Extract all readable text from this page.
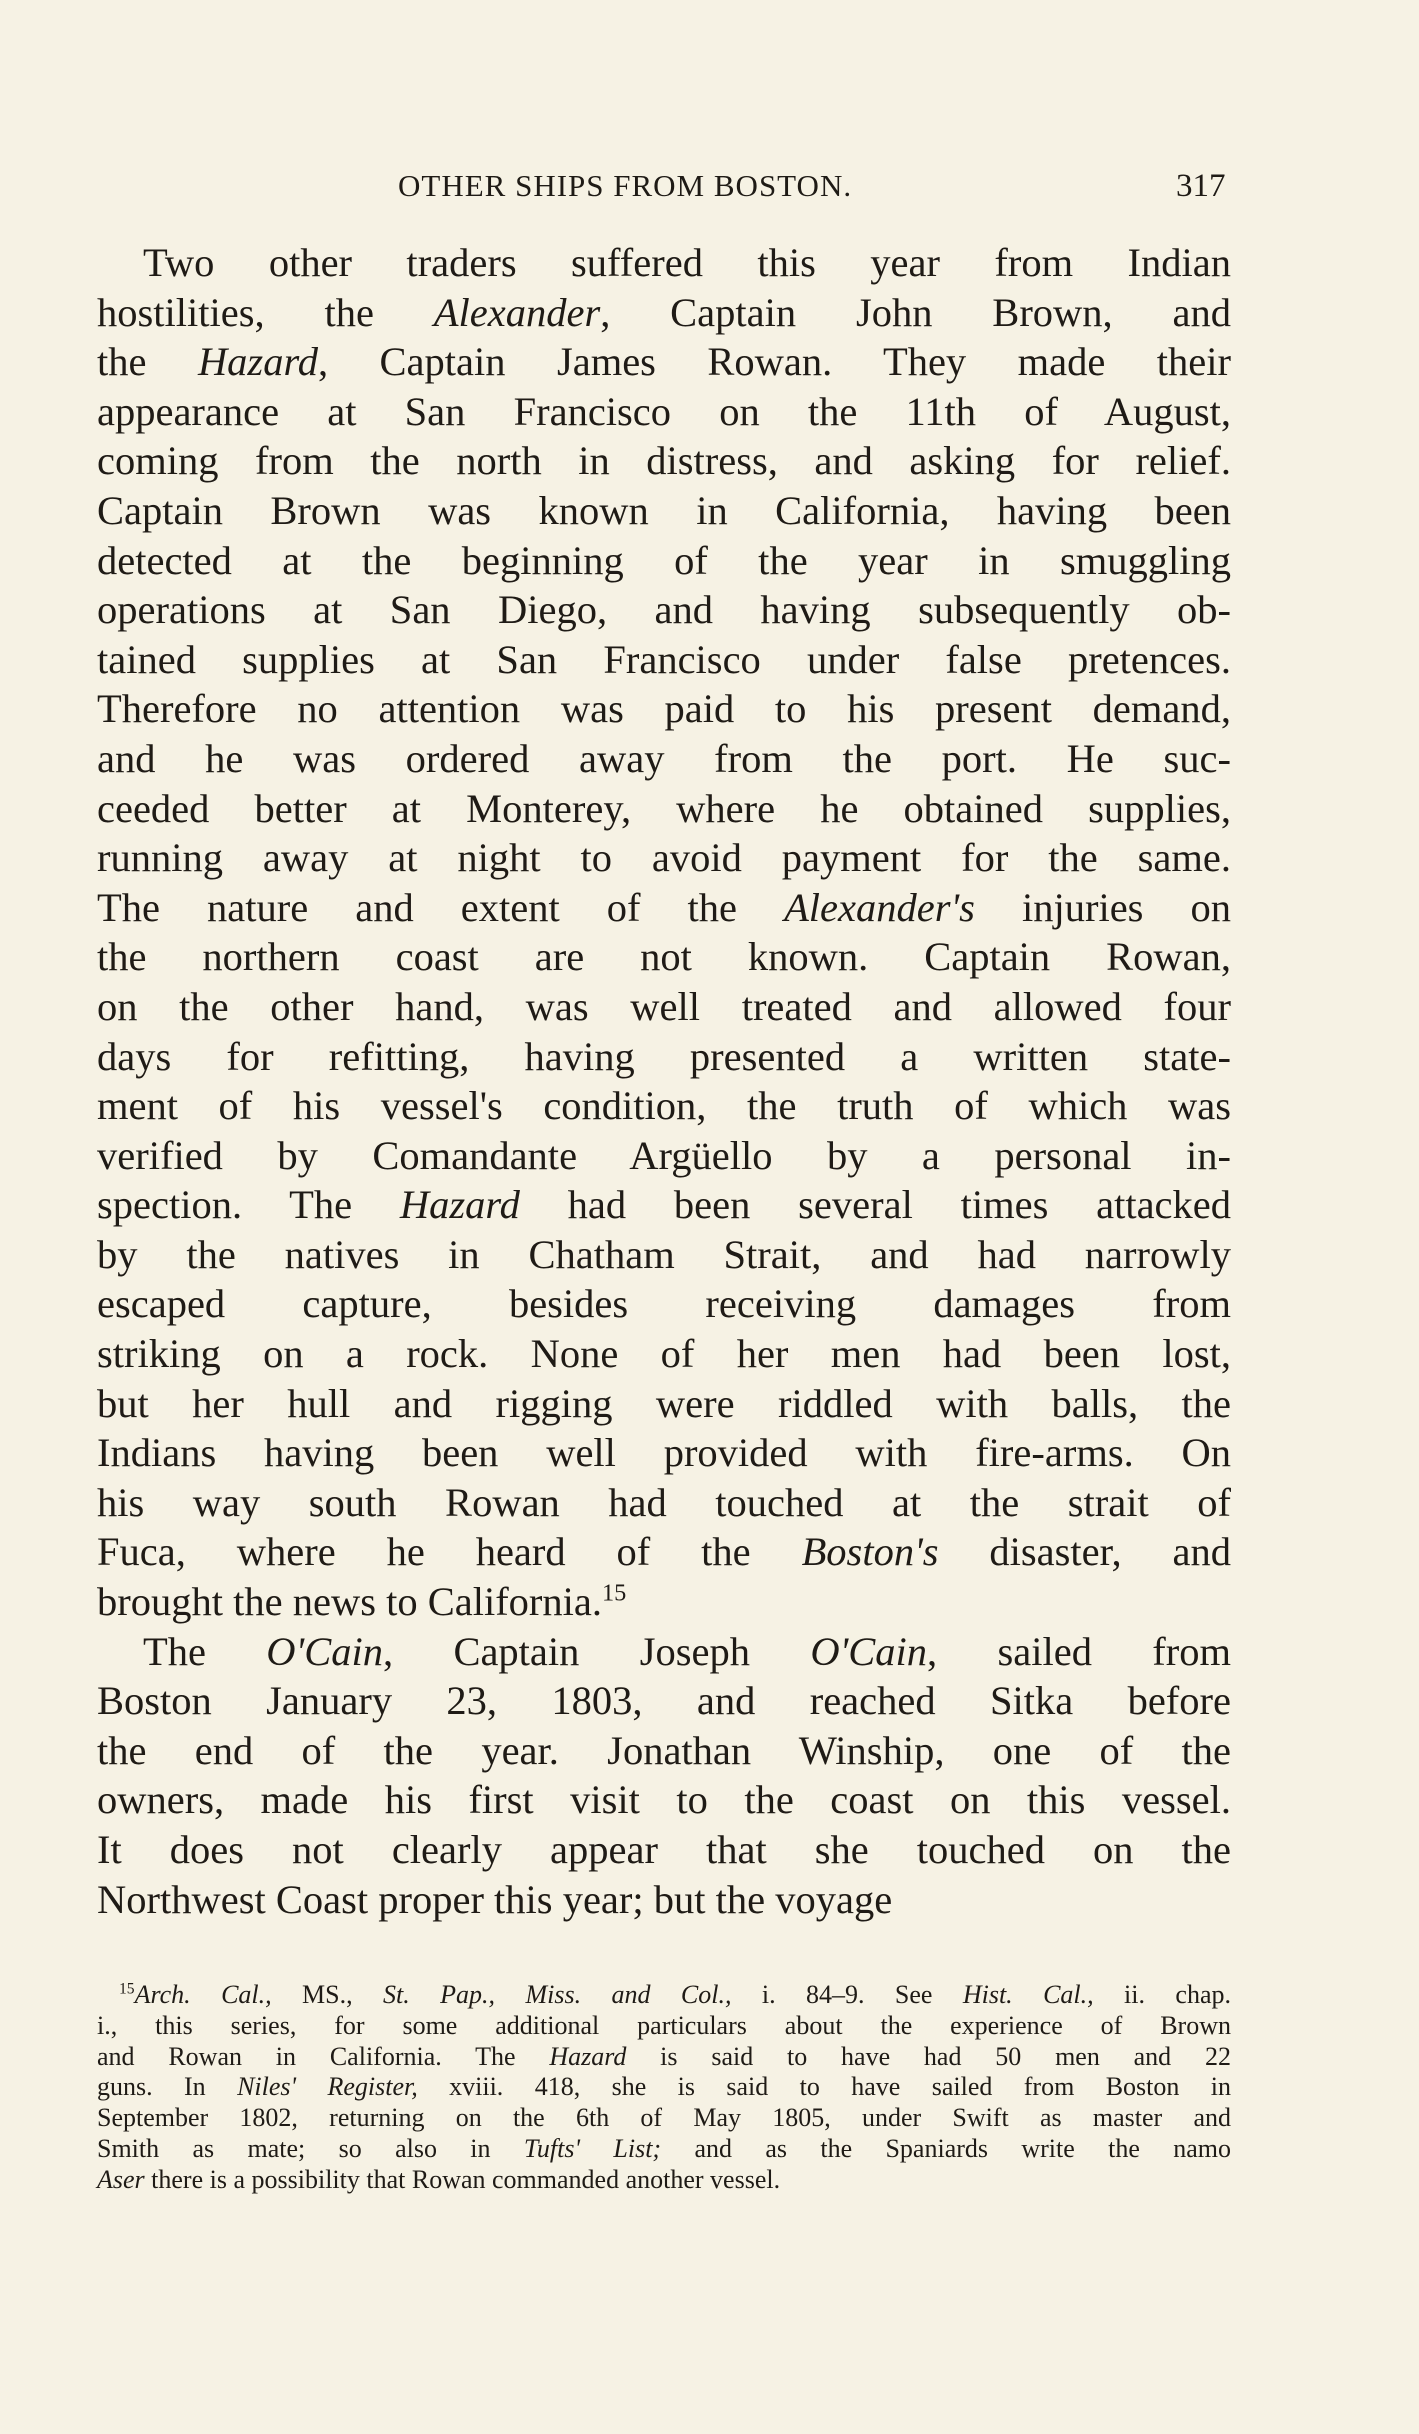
OTHER SHIPS FROM BOSTON.	317
Two other traders suffered this year from Indian
hostilities, the Alexander, Captain John Brown, and
the Hazard, Captain James Rowan. They made their
appearance at San Francisco on the 11th of August,
coming from the north in distress, and asking for relief.
Captain Brown was known in California, having been
detected at the beginning of the year in smuggling
operations at San Diego, and having subsequently ob-
tained supplies at San Francisco under false pretences.
Therefore no attention was paid to his present demand,
and he was ordered away from the port. He suc-
ceeded better at Monterey, where he obtained supplies,
running away at night to avoid payment for the same.
The nature and extent of the Alexander's injuries on
the northern coast are not known. Captain Rowan,
on the other hand, was well treated and allowed four
days for refitting, having presented a written state-
ment of his vessel's condition, the truth of which was
verified by Comandante Argüello by a personal in-
spection. The Hazard had been several times attacked
by the natives in Chatham Strait, and had narrowly
escaped capture, besides receiving damages from
striking on a rock. None of her men had been lost,
but her hull and rigging were riddled with balls, the
Indians having been well provided with fire-arms. On
his way south Rowan had touched at the strait of
Fuca, where he heard of the Boston's disaster, and
brought the news to California.$^{15}$
The O'Cain, Captain Joseph O'Cain, sailed from
Boston January 23, 1803, and reached Sitka before
the end of the year. Jonathan Winship, one of the
owners, made his first visit to the coast on this vessel.
It does not clearly appear that she touched on the
Northwest Coast proper this year; but the voyage
$^{15}$Arch. Cal., MS., St. Pap., Miss. and Col., i. 84–9. See Hist. Cal., ii. chap.
i., this series, for some additional particulars about the experience of Brown
and Rowan in California. The Hazard is said to have had 50 men and 22
guns. In Niles' Register, xviii. 418, she is said to have sailed from Boston in
September 1802, returning on the 6th of May 1805, under Swift as master and
Smith as mate; so also in Tufts' List; and as the Spaniards write the namo
Aser there is a possibility that Rowan commanded another vessel.
